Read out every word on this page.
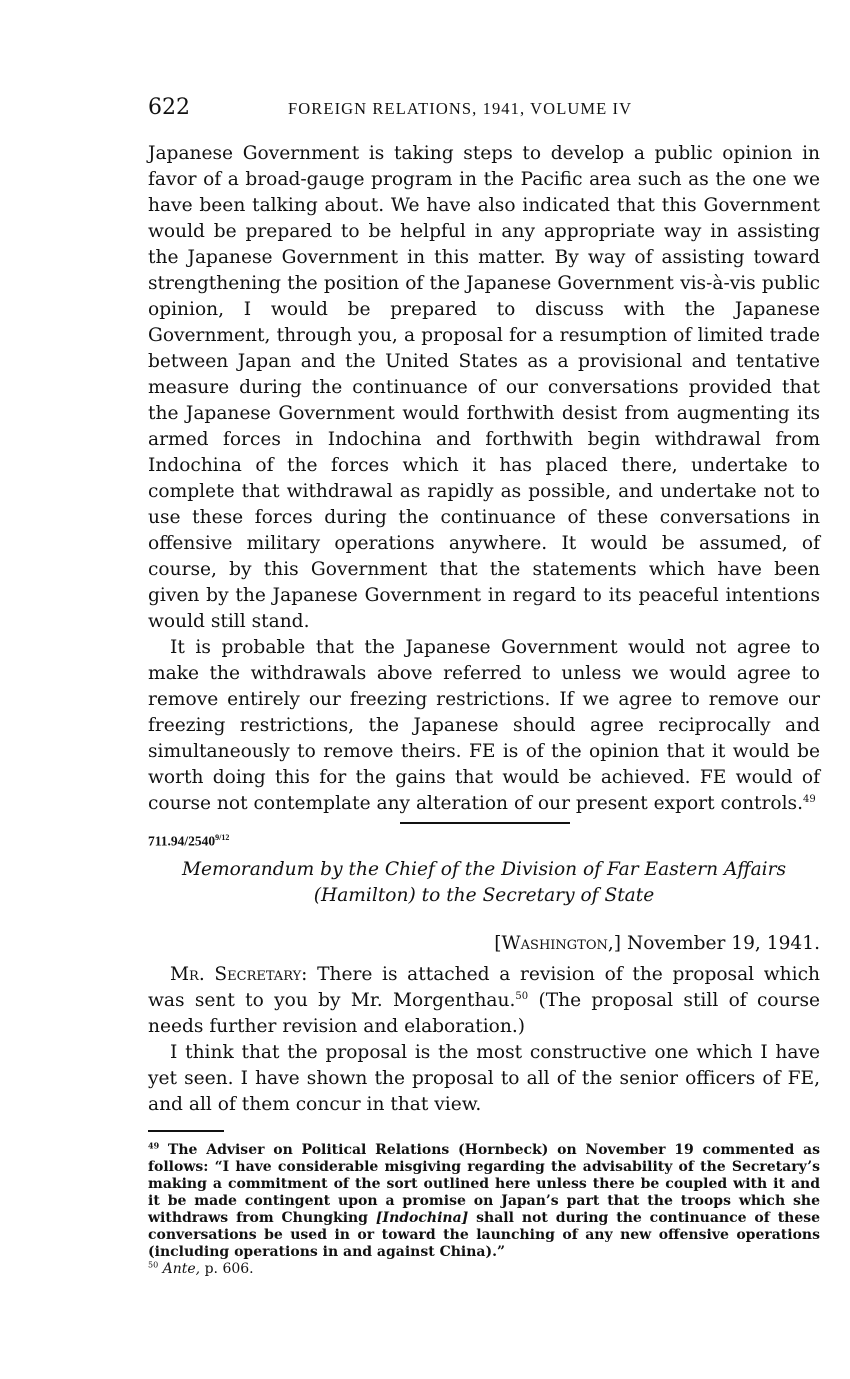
622	FOREIGN RELATIONS, 1941, VOLUME IV

Japanese Government is taking steps to develop a public opinion in favor of a broad-gauge program in the Pacific area such as the one we have been talking about. We have also indicated that this Government would be prepared to be helpful in any appropriate way in assisting the Japanese Government in this matter. By way of assisting toward strengthening the position of the Japanese Government vis-à-vis public opinion, I would be prepared to discuss with the Japanese Government, through you, a proposal for a resumption of limited trade between Japan and the United States as a provisional and tentative measure during the continuance of our conversations provided that the Japanese Government would forthwith desist from augmenting its armed forces in Indochina and forthwith begin withdrawal from Indochina of the forces which it has placed there, undertake to complete that withdrawal as rapidly as possible, and undertake not to use these forces during the continuance of these conversations in offensive military operations anywhere. It would be assumed, of course, by this Government that the statements which have been given by the Japanese Government in regard to its peaceful intentions would still stand.

It is probable that the Japanese Government would not agree to make the withdrawals above referred to unless we would agree to remove entirely our freezing restrictions. If we agree to remove our freezing restrictions, the Japanese should agree reciprocally and simultaneously to remove theirs. FE is of the opinion that it would be worth doing this for the gains that would be achieved. FE would of course not contemplate any alteration of our present export controls.$^{49}$

$711.94/2540^{9/12}$
Memorandum by the Chief of the Division of Far Eastern Affairs
(Hamilton) to the Secretary of State
[Washington,] November 19, 1941.

Mr. Secretary: There is attached a revision of the proposal which was sent to you by Mr. Morgenthau.$^{50}$ (The proposal still of course needs further revision and elaboration.)

I think that the proposal is the most constructive one which I have yet seen. I have shown the proposal to all of the senior officers of FE, and all of them concur in that view.

$^{49}$ The Adviser on Political Relations (Hornbeck) on November 19 commented as follows: “I have considerable misgiving regarding the advisability of the Secretary’s making a commitment of the sort outlined here unless there be coupled with it and it be made contingent upon a promise on Japan’s part that the troops which she withdraws from Chungking [Indochina] shall not during the continuance of these conversations be used in or toward the launching of any new offensive operations (including operations in and against China).”

$^{50}$ Ante, p. 606.
